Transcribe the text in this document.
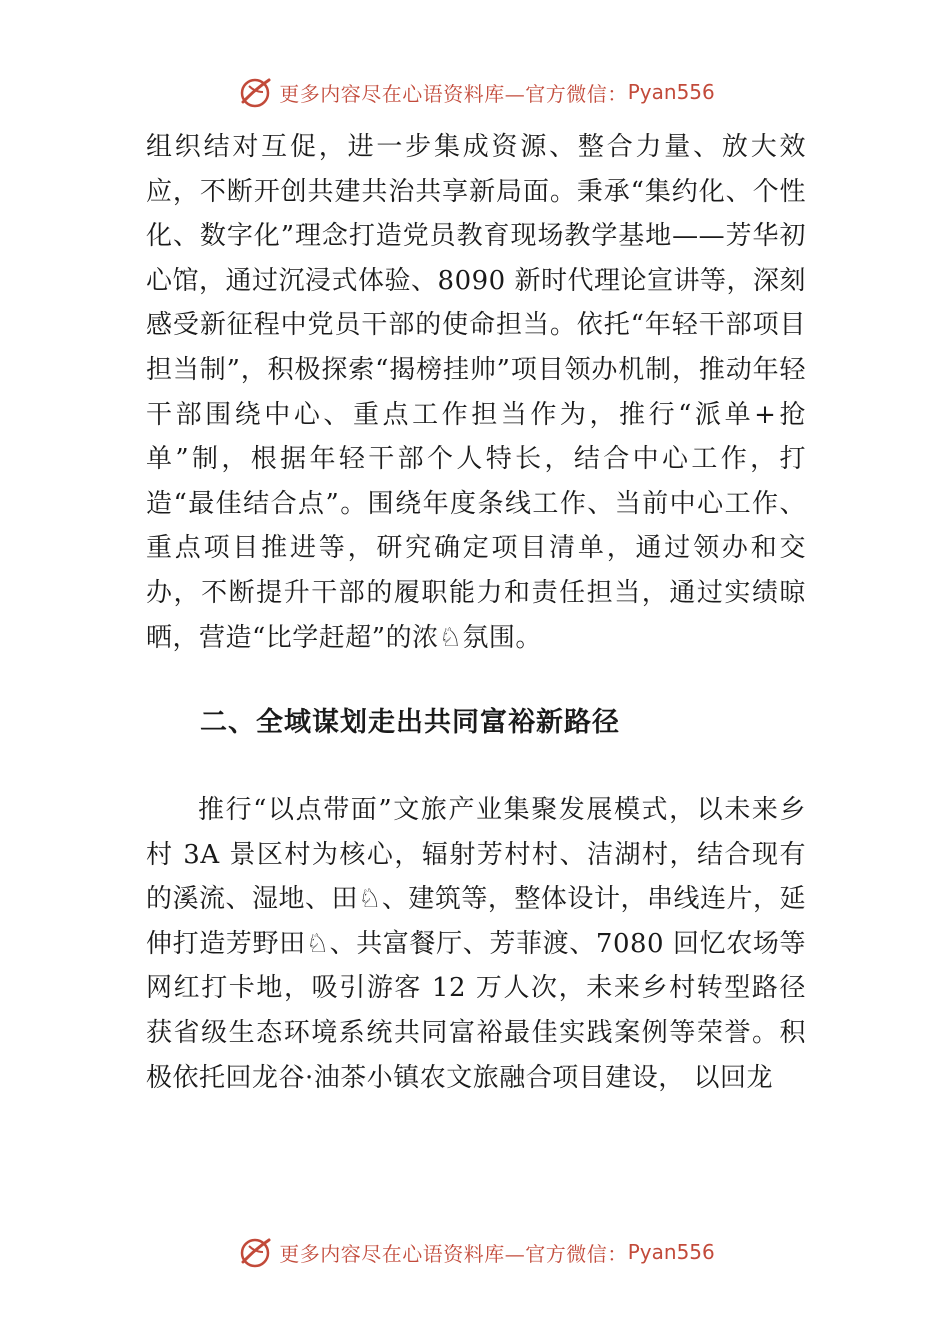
更多内容尽在心语资料库—官方微信： Pyan556

组织结对互促，进一步集成资源、整合力量、放大效应，不断开创共建共治共享新局面。秉承“集约化、个性化、数字化”理念打造党员教育现场教学基地——芳华初心馆，通过沉浸式体验、8090 新时代理论宣讲等，深刻感受新征程中党员干部的使命担当。依托“年轻干部项目担当制”，积极探索“揭榜挂帅”项目领办机制，推动年轻干部围绕中心、重点工作担当作为，推行“派单+抢单”制，根据年轻干部个人特长，结合中心工作，打造“最佳结合点”。围绕年度条线工作、当前中心工作、重点项目推进等，研究确定项目清单，通过领办和交办，不断提升干部的履职能力和责任担当，通过实绩晾晒，营造“比学赶超”的浓♘氛围。

二、全域谋划走出共同富裕新路径

推行“以点带面”文旅产业集聚发展模式，以未来乡村 3A 景区村为核心，辐射芳村村、洁湖村，结合现有的溪流、湿地、田♘、建筑等，整体设计，串线连片，延伸打造芳野田♘、共富餐厅、芳菲渡、7080 回忆农场等网红打卡地，吸引游客 12 万人次，未来乡村转型路径获省级生态环境系统共同富裕最佳实践案例等荣誉。积极依托回龙谷·油茶小镇农文旅融合项目建设， 以回龙

更多内容尽在心语资料库—官方微信： Pyan556
